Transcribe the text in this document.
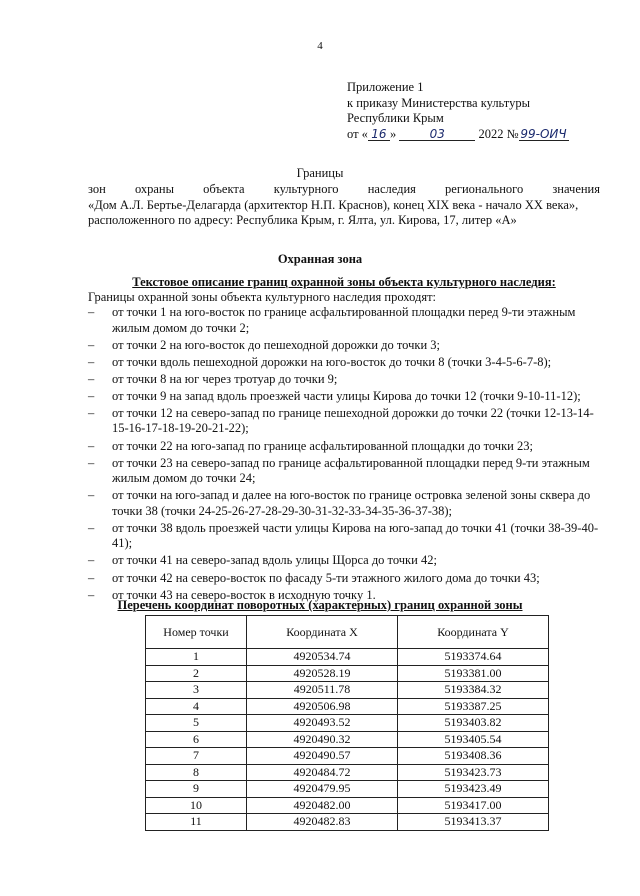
4
Приложение 1
к приказу Министерства культуры
Республики Крым
от « 16 »	03	2022 № 99-ОИЧ
Границы
зон охраны объекта культурного наследия регионального значения
«Дом А.Л. Бертье-Делагарда (архитектор Н.П. Краснов), конец XIX века - начало XX века»,
расположенного по адресу: Республика Крым, г. Ялта, ул. Кирова, 17, литер «А»
Охранная зона
Текстовое описание границ охранной зоны объекта культурного наследия:
Границы охранной зоны объекта культурного наследия проходят:
– от точки 1 на юго-восток по границе асфальтированной площадки перед 9-ти этажным жилым домом до точки 2;
– от точки 2 на юго-восток до пешеходной дорожки до точки 3;
– от точки вдоль пешеходной дорожки на юго-восток до точки 8 (точки 3-4-5-6-7-8);
– от точки 8 на юг через тротуар до точки 9;
– от точки 9 на запад вдоль проезжей части улицы Кирова до точки 12 (точки 9-10-11-12);
– от точки 12 на северо-запад по границе пешеходной дорожки до точки 22 (точки 12-13-14-15-16-17-18-19-20-21-22);
– от точки 22 на юго-запад по границе асфальтированной площадки до точки 23;
– от точки 23 на северо-запад по границе асфальтированной площадки перед 9-ти этажным жилым домом до точки 24;
– от точки на юго-запад и далее на юго-восток по границе островка зеленой зоны сквера до точки 38 (точки 24-25-26-27-28-29-30-31-32-33-34-35-36-37-38);
– от точки 38 вдоль проезжей части улицы Кирова на юго-запад до точки 41 (точки 38-39-40-41);
– от точки 41 на северо-запад вдоль улицы Щорса до точки 42;
– от точки 42 на северо-восток по фасаду 5-ти этажного жилого дома до точки 43;
– от точки 43 на северо-восток в исходную точку 1.
Перечень координат поворотных (характерных) границ охранной зоны
Номер точки	Координата X	Координата Y
1	4920534.74	5193374.64
2	4920528.19	5193381.00
3	4920511.78	5193384.32
4	4920506.98	5193387.25
5	4920493.52	5193403.82
6	4920490.32	5193405.54
7	4920490.57	5193408.36
8	4920484.72	5193423.73
9	4920479.95	5193423.49
10	4920482.00	5193417.00
11	4920482.83	5193413.37
